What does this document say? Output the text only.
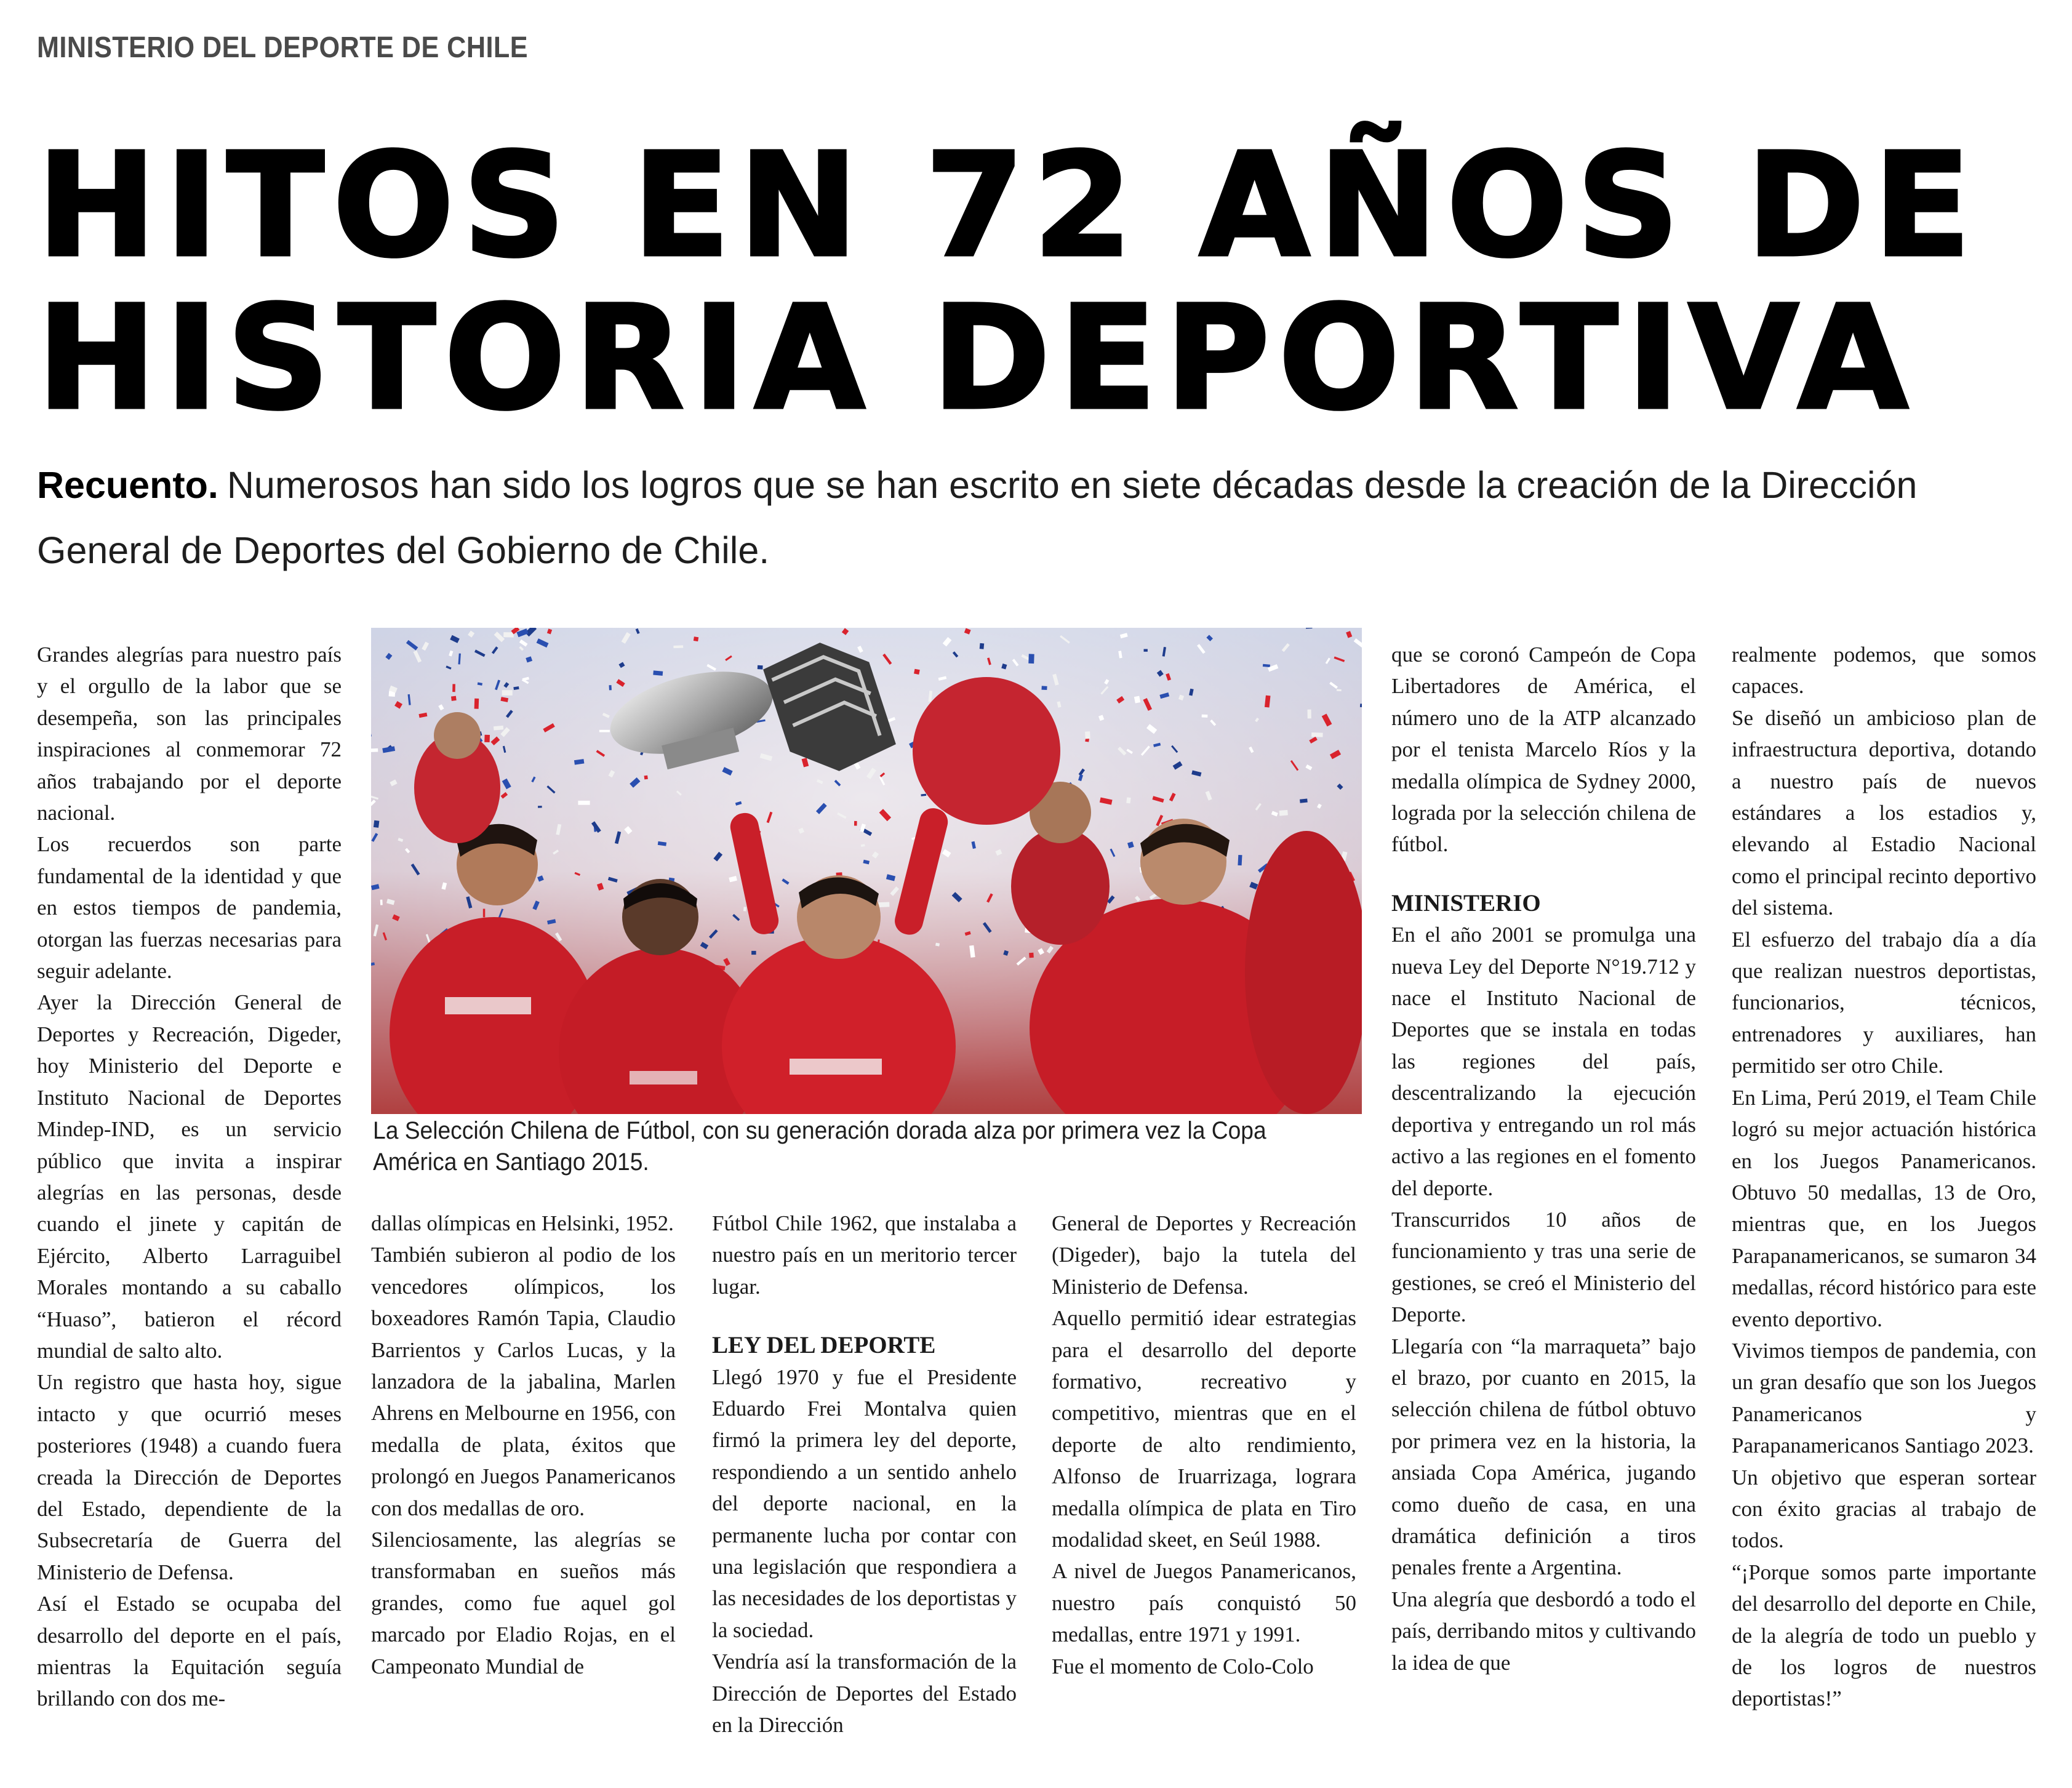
MINISTERIO DEL DEPORTE DE CHILE
HITOS EN 72 AÑOS DE
HISTORIA DEPORTIVA
Recuento. Numerosos han sido los logros que se han escrito en siete décadas desde la creación de la Dirección General de Deportes del Gobierno de Chile.

Grandes alegrías para nuestro país y el orgullo de la labor que se desempeña, son las principales inspiraciones al conmemorar 72 años trabajando por el deporte nacional.

Los recuerdos son parte fundamental de la identidad y que en estos tiempos de pandemia, otorgan las fuerzas necesarias para seguir adelante.

Ayer la Dirección General de Deportes y Recreación, Digeder, hoy Ministerio del Deporte e Instituto Nacional de Deportes Mindep-IND, es un servicio público que invita a inspirar alegrías en las personas, desde cuando el jinete y capitán de Ejército, Alberto Larraguibel Morales montando a su caballo “Huaso”, batieron el récord mundial de salto alto.

Un registro que hasta hoy, sigue intacto y que ocurrió meses posteriores (1948) a cuando fuera creada la Dirección de Deportes del Estado, dependiente de la Subsecretaría de Guerra del Ministerio de Defensa.

Así el Estado se ocupaba del desarrollo del deporte en el país, mientras la Equitación seguía brillando con dos me-

La Selección Chilena de Fútbol, con su generación dorada alza por primera vez la Copa América en Santiago 2015.

dallas olímpicas en Helsinki, 1952.

También subieron al podio de los vencedores olímpicos, los boxeadores Ramón Tapia, Claudio Barrientos y Carlos Lucas, y la lanzadora de la jabalina, Marlen Ahrens en Melbourne en 1956, con medalla de plata, éxitos que prolongó en Juegos Panamericanos con dos medallas de oro.

Silenciosamente, las alegrías se transformaban en sueños más grandes, como fue aquel gol marcado por Eladio Rojas, en el Campeonato Mundial de

Fútbol Chile 1962, que instalaba a nuestro país en un meritorio tercer lugar.

LEY DEL DEPORTE

Llegó 1970 y fue el Presidente Eduardo Frei Montalva quien firmó la primera ley del deporte, respondiendo a un sentido anhelo del deporte nacional, en la permanente lucha por contar con una legislación que respondiera a las necesidades de los deportistas y la sociedad.

Vendría así la transformación de la Dirección de Deportes del Estado en la Dirección

General de Deportes y Recreación (Digeder), bajo la tutela del Ministerio de Defensa.

Aquello permitió idear estrategias para el desarrollo del deporte formativo, recreativo y competitivo, mientras que en el deporte de alto rendimiento, Alfonso de Iruarrizaga, lograra medalla olímpica de plata en Tiro modalidad skeet, en Seúl 1988.

A nivel de Juegos Panamericanos, nuestro país conquistó 50 medallas, entre 1971 y 1991.

Fue el momento de Colo-Colo

que se coronó Campeón de Copa Libertadores de América, el número uno de la ATP alcanzado por el tenista Marcelo Ríos y la medalla olímpica de Sydney 2000, lograda por la selección chilena de fútbol.

MINISTERIO

En el año 2001 se promulga una nueva Ley del Deporte N°19.712 y nace el Instituto Nacional de Deportes que se instala en todas las regiones del país, descentralizando la ejecución deportiva y entregando un rol más activo a las regiones en el fomento del deporte.

Transcurridos 10 años de funcionamiento y tras una serie de gestiones, se creó el Ministerio del Deporte.

Llegaría con “la marraqueta” bajo el brazo, por cuanto en 2015, la selección chilena de fútbol obtuvo por primera vez en la historia, la ansiada Copa América, jugando como dueño de casa, en una dramática definición a tiros penales frente a Argentina.

Una alegría que desbordó a todo el país, derribando mitos y cultivando la idea de que

realmente podemos, que somos capaces.

Se diseñó un ambicioso plan de infraestructura deportiva, dotando a nuestro país de nuevos estándares a los estadios y, elevando al Estadio Nacional como el principal recinto deportivo del sistema.

El esfuerzo del trabajo día a día que realizan nuestros deportistas, funcionarios, técnicos, entrenadores y auxiliares, han permitido ser otro Chile.

En Lima, Perú 2019, el Team Chile logró su mejor actuación histórica en los Juegos Panamericanos. Obtuvo 50 medallas, 13 de Oro, mientras que, en los Juegos Parapanamericanos, se sumaron 34 medallas, récord histórico para este evento deportivo.

Vivimos tiempos de pandemia, con un gran desafío que son los Juegos Panamericanos y Parapanamericanos Santiago 2023.

Un objetivo que esperan sortear con éxito gracias al trabajo de todos.

“¡Porque somos parte importante del desarrollo del deporte en Chile, de la alegría de todo un pueblo y de los logros de nuestros deportistas!”
